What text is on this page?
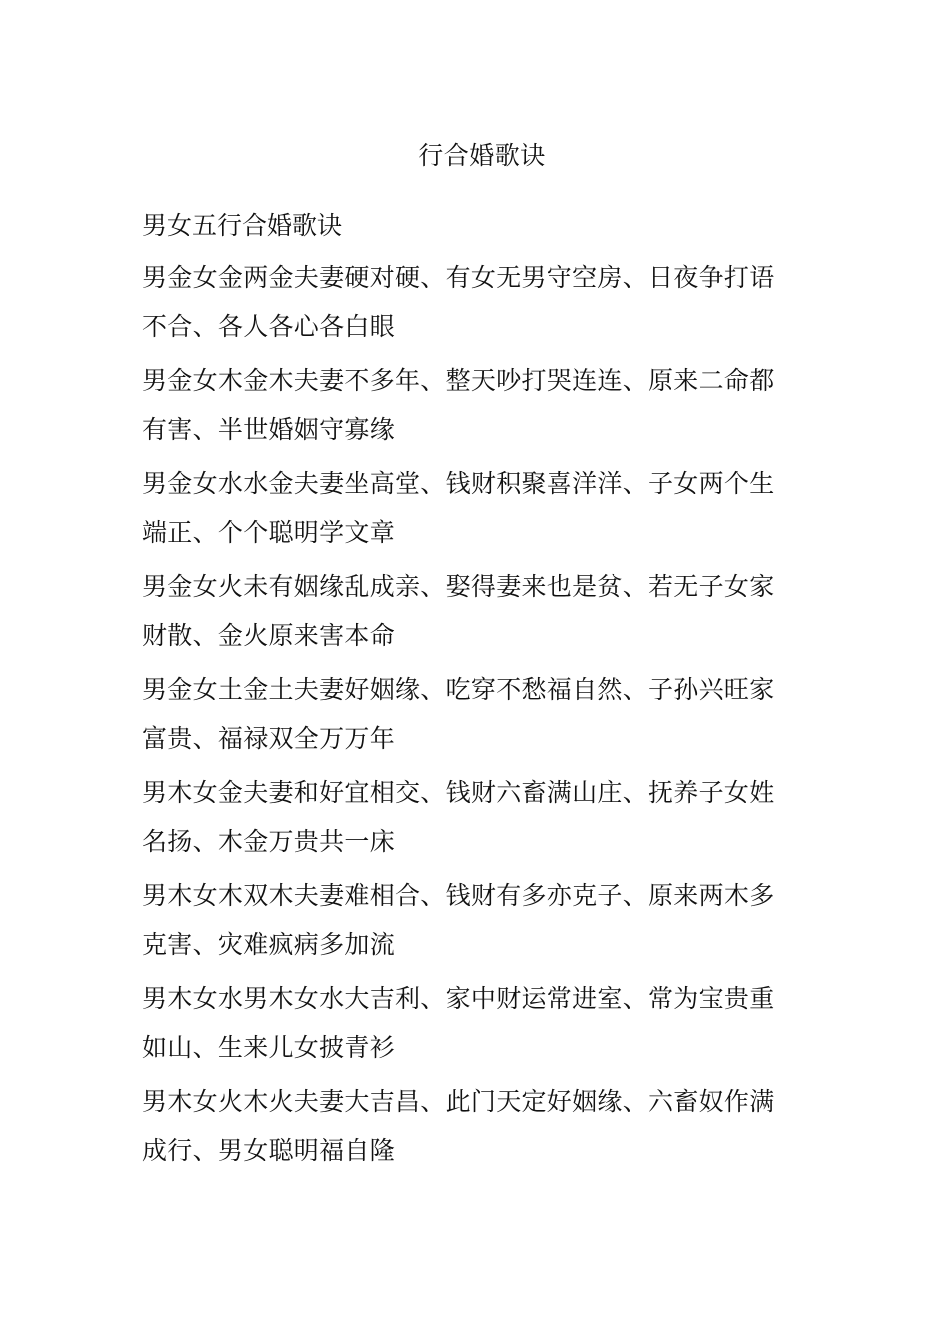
行合婚歌诀
男女五行合婚歌诀
男金女金两金夫妻硬对硬、有女无男守空房、日夜争打语
不合、各人各心各白眼
男金女木金木夫妻不多年、整天吵打哭连连、原来二命都
有害、半世婚姻守寡缘
男金女水水金夫妻坐高堂、钱财积聚喜洋洋、子女两个生
端正、个个聪明学文章
男金女火未有姻缘乱成亲、娶得妻来也是贫、若无子女家
财散、金火原来害本命
男金女土金土夫妻好姻缘、吃穿不愁福自然、子孙兴旺家
富贵、福禄双全万万年
男木女金夫妻和好宜相交、钱财六畜满山庄、抚养子女姓
名扬、木金万贵共一床
男木女木双木夫妻难相合、钱财有多亦克子、原来两木多
克害、灾难疯病多加流
男木女水男木女水大吉利、家中财运常进室、常为宝贵重
如山、生来儿女披青衫
男木女火木火夫妻大吉昌、此门天定好姻缘、六畜奴作满
成行、男女聪明福自隆
